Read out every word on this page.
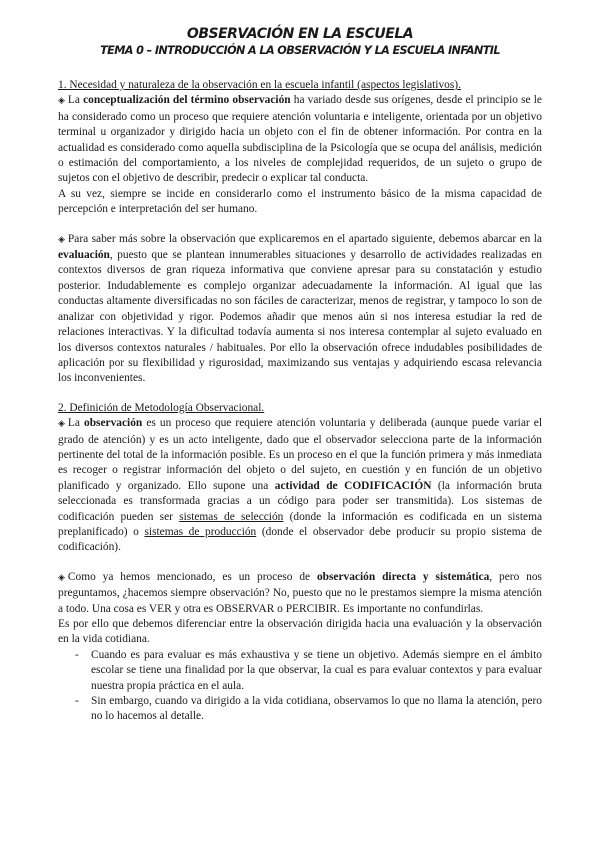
OBSERVACIÓN EN LA ESCUELA
TEMA 0 – INTRODUCCIÓN A LA OBSERVACIÓN Y LA ESCUELA INFANTIL
1. Necesidad y naturaleza de la observación en la escuela infantil (aspectos legislativos).

◈ La conceptualización del término observación ha variado desde sus orígenes, desde el principio se le ha considerado como un proceso que requiere atención voluntaria e inteligente, orientada por un objetivo terminal u organizador y dirigido hacia un objeto con el fin de obtener información. Por contra en la actualidad es considerado como aquella subdisciplina de la Psicología que se ocupa del análisis, medición o estimación del comportamiento, a los niveles de complejidad requeridos, de un sujeto o grupo de sujetos con el objetivo de describir, predecir o explicar tal conducta.

A su vez, siempre se incide en considerarlo como el instrumento básico de la misma capacidad de percepción e interpretación del ser humano.

◈ Para saber más sobre la observación que explicaremos en el apartado siguiente, debemos abarcar en la evaluación, puesto que se plantean innumerables situaciones y desarrollo de actividades realizadas en contextos diversos de gran riqueza informativa que conviene apresar para su constatación y estudio posterior. Indudablemente es complejo organizar adecuadamente la información. Al igual que las conductas altamente diversificadas no son fáciles de caracterizar, menos de registrar, y tampoco lo son de analizar con objetividad y rigor. Podemos añadir que menos aún si nos interesa estudiar la red de relaciones interactivas. Y la dificultad todavía aumenta si nos interesa contemplar al sujeto evaluado en los diversos contextos naturales / habituales. Por ello la observación ofrece indudables posibilidades de aplicación por su flexibilidad y rigurosidad, maximizando sus ventajas y adquiriendo escasa relevancia los inconvenientes.

2. Definición de Metodología Observacional.

◈ La observación es un proceso que requiere atención voluntaria y deliberada (aunque puede variar el grado de atención) y es un acto inteligente, dado que el observador selecciona parte de la información pertinente del total de la información posible. Es un proceso en el que la función primera y más inmediata es recoger o registrar información del objeto o del sujeto, en cuestión y en función de un objetivo planificado y organizado. Ello supone una actividad de CODIFICACIÓN (la información bruta seleccionada es transformada gracias a un código para poder ser transmitida). Los sistemas de codificación pueden ser sistemas de selección (donde la información es codificada en un sistema preplanificado) o sistemas de producción (donde el observador debe producir su propio sistema de codificación).

◈ Como ya hemos mencionado, es un proceso de observación directa y sistemática, pero nos preguntamos, ¿hacemos siempre observación? No, puesto que no le prestamos siempre la misma atención a todo. Una cosa es VER y otra es OBSERVAR o PERCIBIR. Es importante no confundirlas.

Es por ello que debemos diferenciar entre la observación dirigida hacia una evaluación y la observación en la vida cotidiana.

- Cuando es para evaluar es más exhaustiva y se tiene un objetivo. Además siempre en el ámbito escolar se tiene una finalidad por la que observar, la cual es para evaluar contextos y para evaluar nuestra propia práctica en el aula.
- Sin embargo, cuando va dirigido a la vida cotidiana, observamos lo que no llama la atención, pero no lo hacemos al detalle.
